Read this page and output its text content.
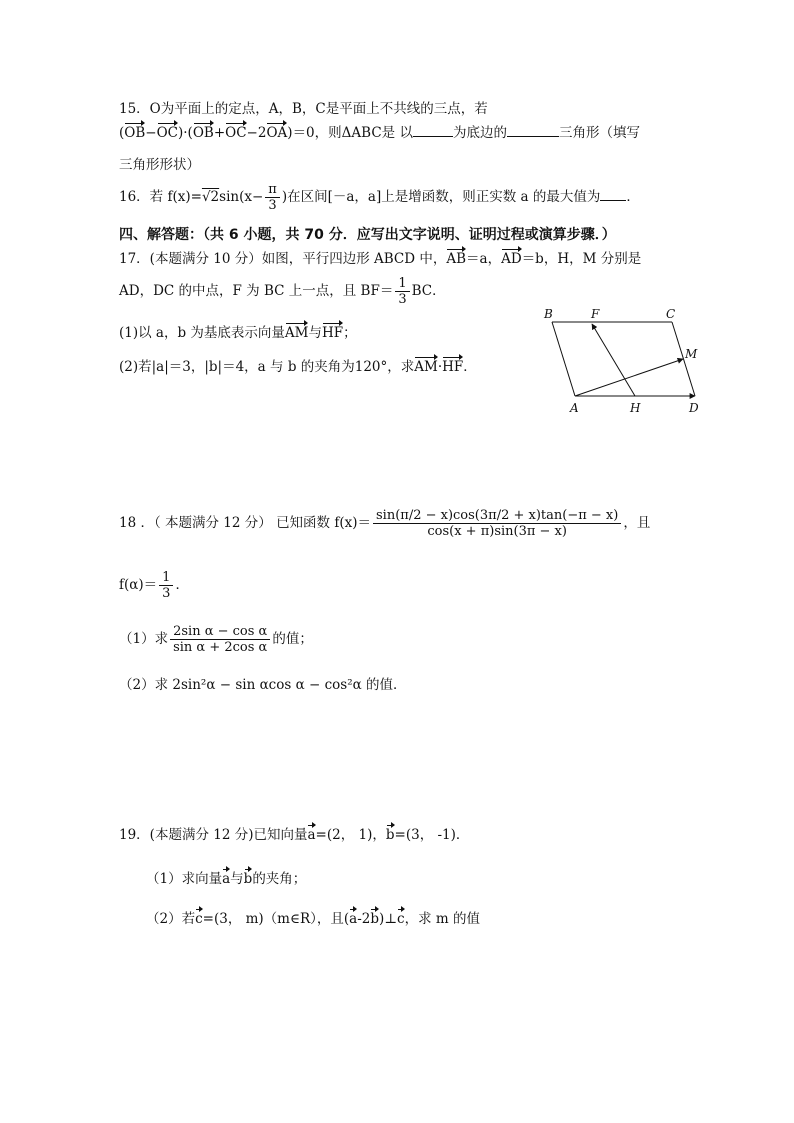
15．O为平面上的定点，A，B，C是平面上不共线的三点，若
(OB−OC)·(OB+OC−2OA)＝0，则ΔABC是 以	为底边的	三角形（填写
三角形形状）
16．若 $f(x)=√2\sin(x- \frac{\pi}{3}$ )在区间[－a，a]上是增函数，则正实数 a 的最大值为 ．
四、解答题：（共 6 小题，共 70 分．应写出文字说明、证明过程或演算步骤．）
17．(本题满分 10 分）如图，平行四边形 ABCD 中，AB＝a，AD＝b，H，M 分别是
AD，DC 的中点，F 为 BC 上一点，且 $BF= \frac{1}{3}$ BC．
(1)以 a，b 为基底表示向量AM与HF；
(2)若|a|＝3，|b|＝4，a 与 b 的夹角为120°，求AM·HF．
B	F	C
M
A	H	D
18 ．（ 本题满分 12 分） 已知函数 $f(x)= \frac{\sin(\pi/2 - x)\cos(3\pi/2 + x)\tan(-\pi - x)}{\cos(x + \pi)\sin(3\pi - x)}$ ，且
$f(\alpha)= \frac{1}{3}$ ．
（1）求 $\frac{\text{2sin α − cos α}}{\text{sin α + 2cos α}}$ 的值；
（2）求 2sin²α − sin αcos α − cos²α 的值．
19．(本题满分 12 分)已知向量a=(2， 1)，b=(3， -1)．
（1）求向量a与b的夹角；
（2）若c=(3， m)（m∈R），且(a-2b)⊥c，求 m 的值
